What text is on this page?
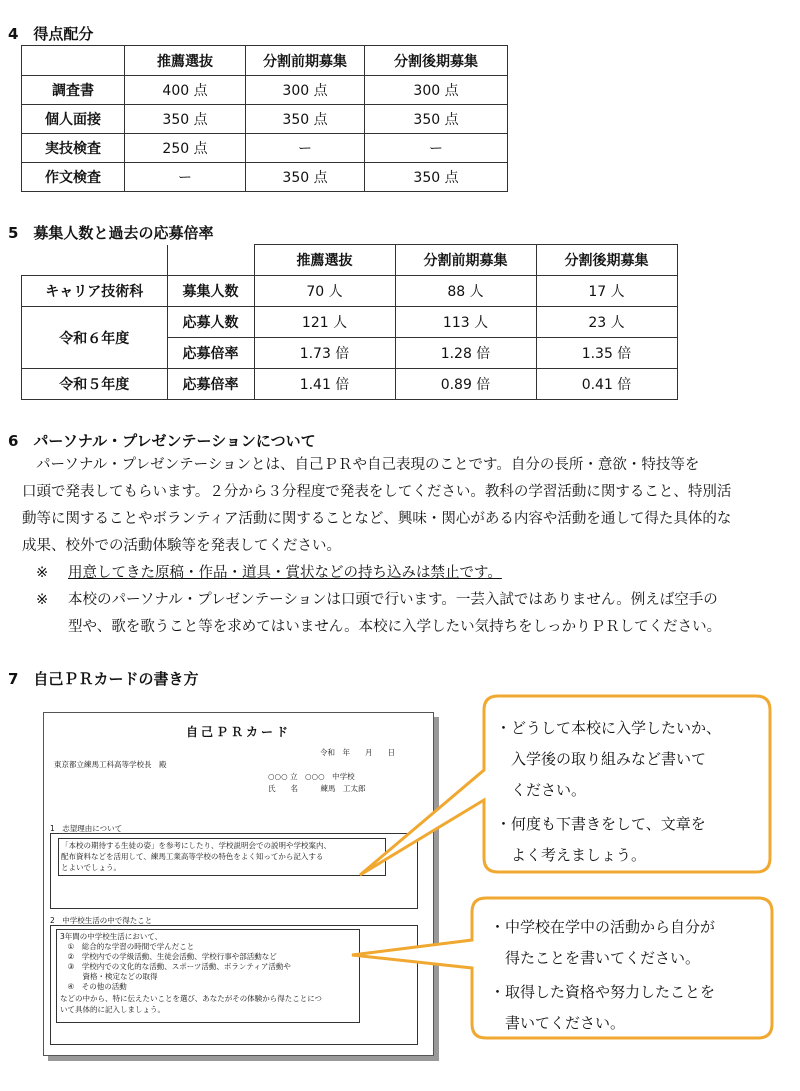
4　得点配分
	推薦選抜	分割前期募集	分割後期募集
調査書	400 点	300 点	300 点
個人面接	350 点	350 点	350 点
実技検査	250 点	ー	ー
作文検査	ー	350 点	350 点
5　募集人数と過去の応募倍率
		推薦選抜	分割前期募集	分割後期募集
キャリア技術科	募集人数	70 人	88 人	17 人
令和６年度	応募人数	121 人	113 人	23 人
	応募倍率	1.73 倍	1.28 倍	1.35 倍
令和５年度	応募倍率	1.41 倍	0.89 倍	0.41 倍
6　パーソナル・プレゼンテーションについて
パーソナル・プレゼンテーションとは、自己ＰＲや自己表現のことです。自分の長所・意欲・特技等を
口頭で発表してもらいます。２分から３分程度で発表をしてください。教科の学習活動に関すること、特別活
動等に関することやボランティア活動に関することなど、興味・関心がある内容や活動を通して得た具体的な
成果、校外での活動体験等を発表してください。
※ 用意してきた原稿・作品・道具・賞状などの持ち込みは禁止です。
※ 本校のパーソナル・プレゼンテーションは口頭で行います。一芸入試ではありません。例えば空手の
型や、歌を歌うこと等を求めてはいません。本校に入学したい気持ちをしっかりＰＲしてください。
7　自己ＰＲカードの書き方
自己ＰＲカード
令和　年　　月　　日
東京都立練馬工科高等学校長　殿
○○○ 立　○○○　中学校
氏　　名　　　練馬　工太郎
1　志望理由について
「本校の期待する生徒の姿」を参考にしたり、学校説明会での説明や学校案内、
配布資料などを活用して、練馬工業高等学校の特色をよく知ってから記入する
とよいでしょう。
2　中学校生活の中で得たこと
3年間の中学校生活において、
　①　総合的な学習の時間で学んだこと
　②　学校内での学級活動、生徒会活動、学校行事や部活動など
　③　学校内での文化的な活動、スポーツ活動、ボランティア活動や
　　　資格・検定などの取得
　④　その他の活動
などの中から、特に伝えたいことを選び、あなたがその体験から得たことにつ
いて具体的に記入しましょう。
・どうして本校に入学したいか、
　入学後の取り組みなど書いて
　ください。
・何度も下書きをして、文章を
　よく考えましょう。
・中学校在学中の活動から自分が
　得たことを書いてください。
・取得した資格や努力したことを
　書いてください。
